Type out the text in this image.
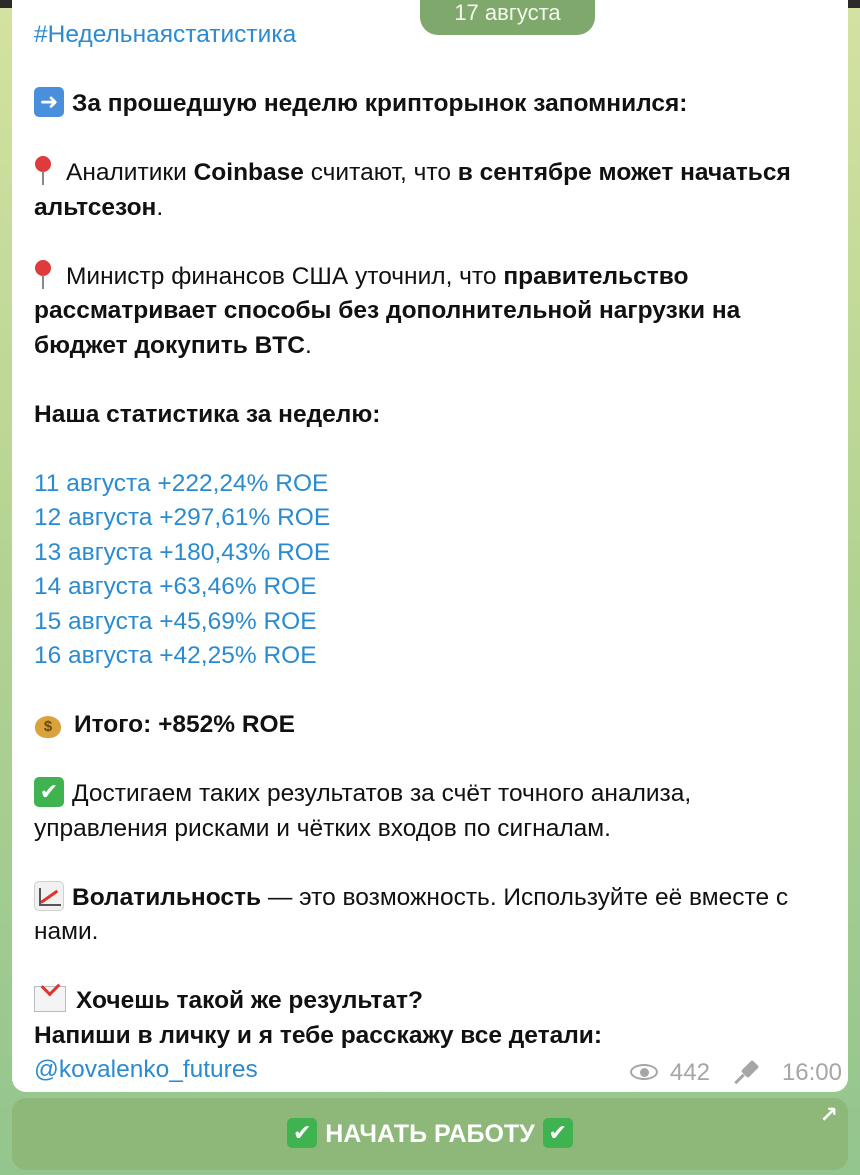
#Недельнаястатистика

➜За прошедшую неделю крипторынок запомнился:

Аналитики Coinbase считают, что в сентябре может начаться альтсезон.

Министр финансов США уточнил, что правительство рассматривает способы без дополнительной нагрузки на бюджет докупить BTC.

Наша статистика за неделю:

11 августа +222,24% ROE

12 августа +297,61% ROE

13 августа +180,43% ROE

14 августа +63,46% ROE

15 августа +45,69% ROE

16 августа +42,25% ROE

$Итого: +852% ROE

✔Достигаем таких результатов за счёт точного анализа, управления рисками и чётких входов по сигналам.

Волатильность — это возможность. Используйте её вместе с нами.

Хочешь такой же результат?

Напиши в личку и я тебе расскажу все детали:

@kovalenko_futures

17 августа
442	16:00
✔НАЧАТЬ РАБОТУ✔
↗
